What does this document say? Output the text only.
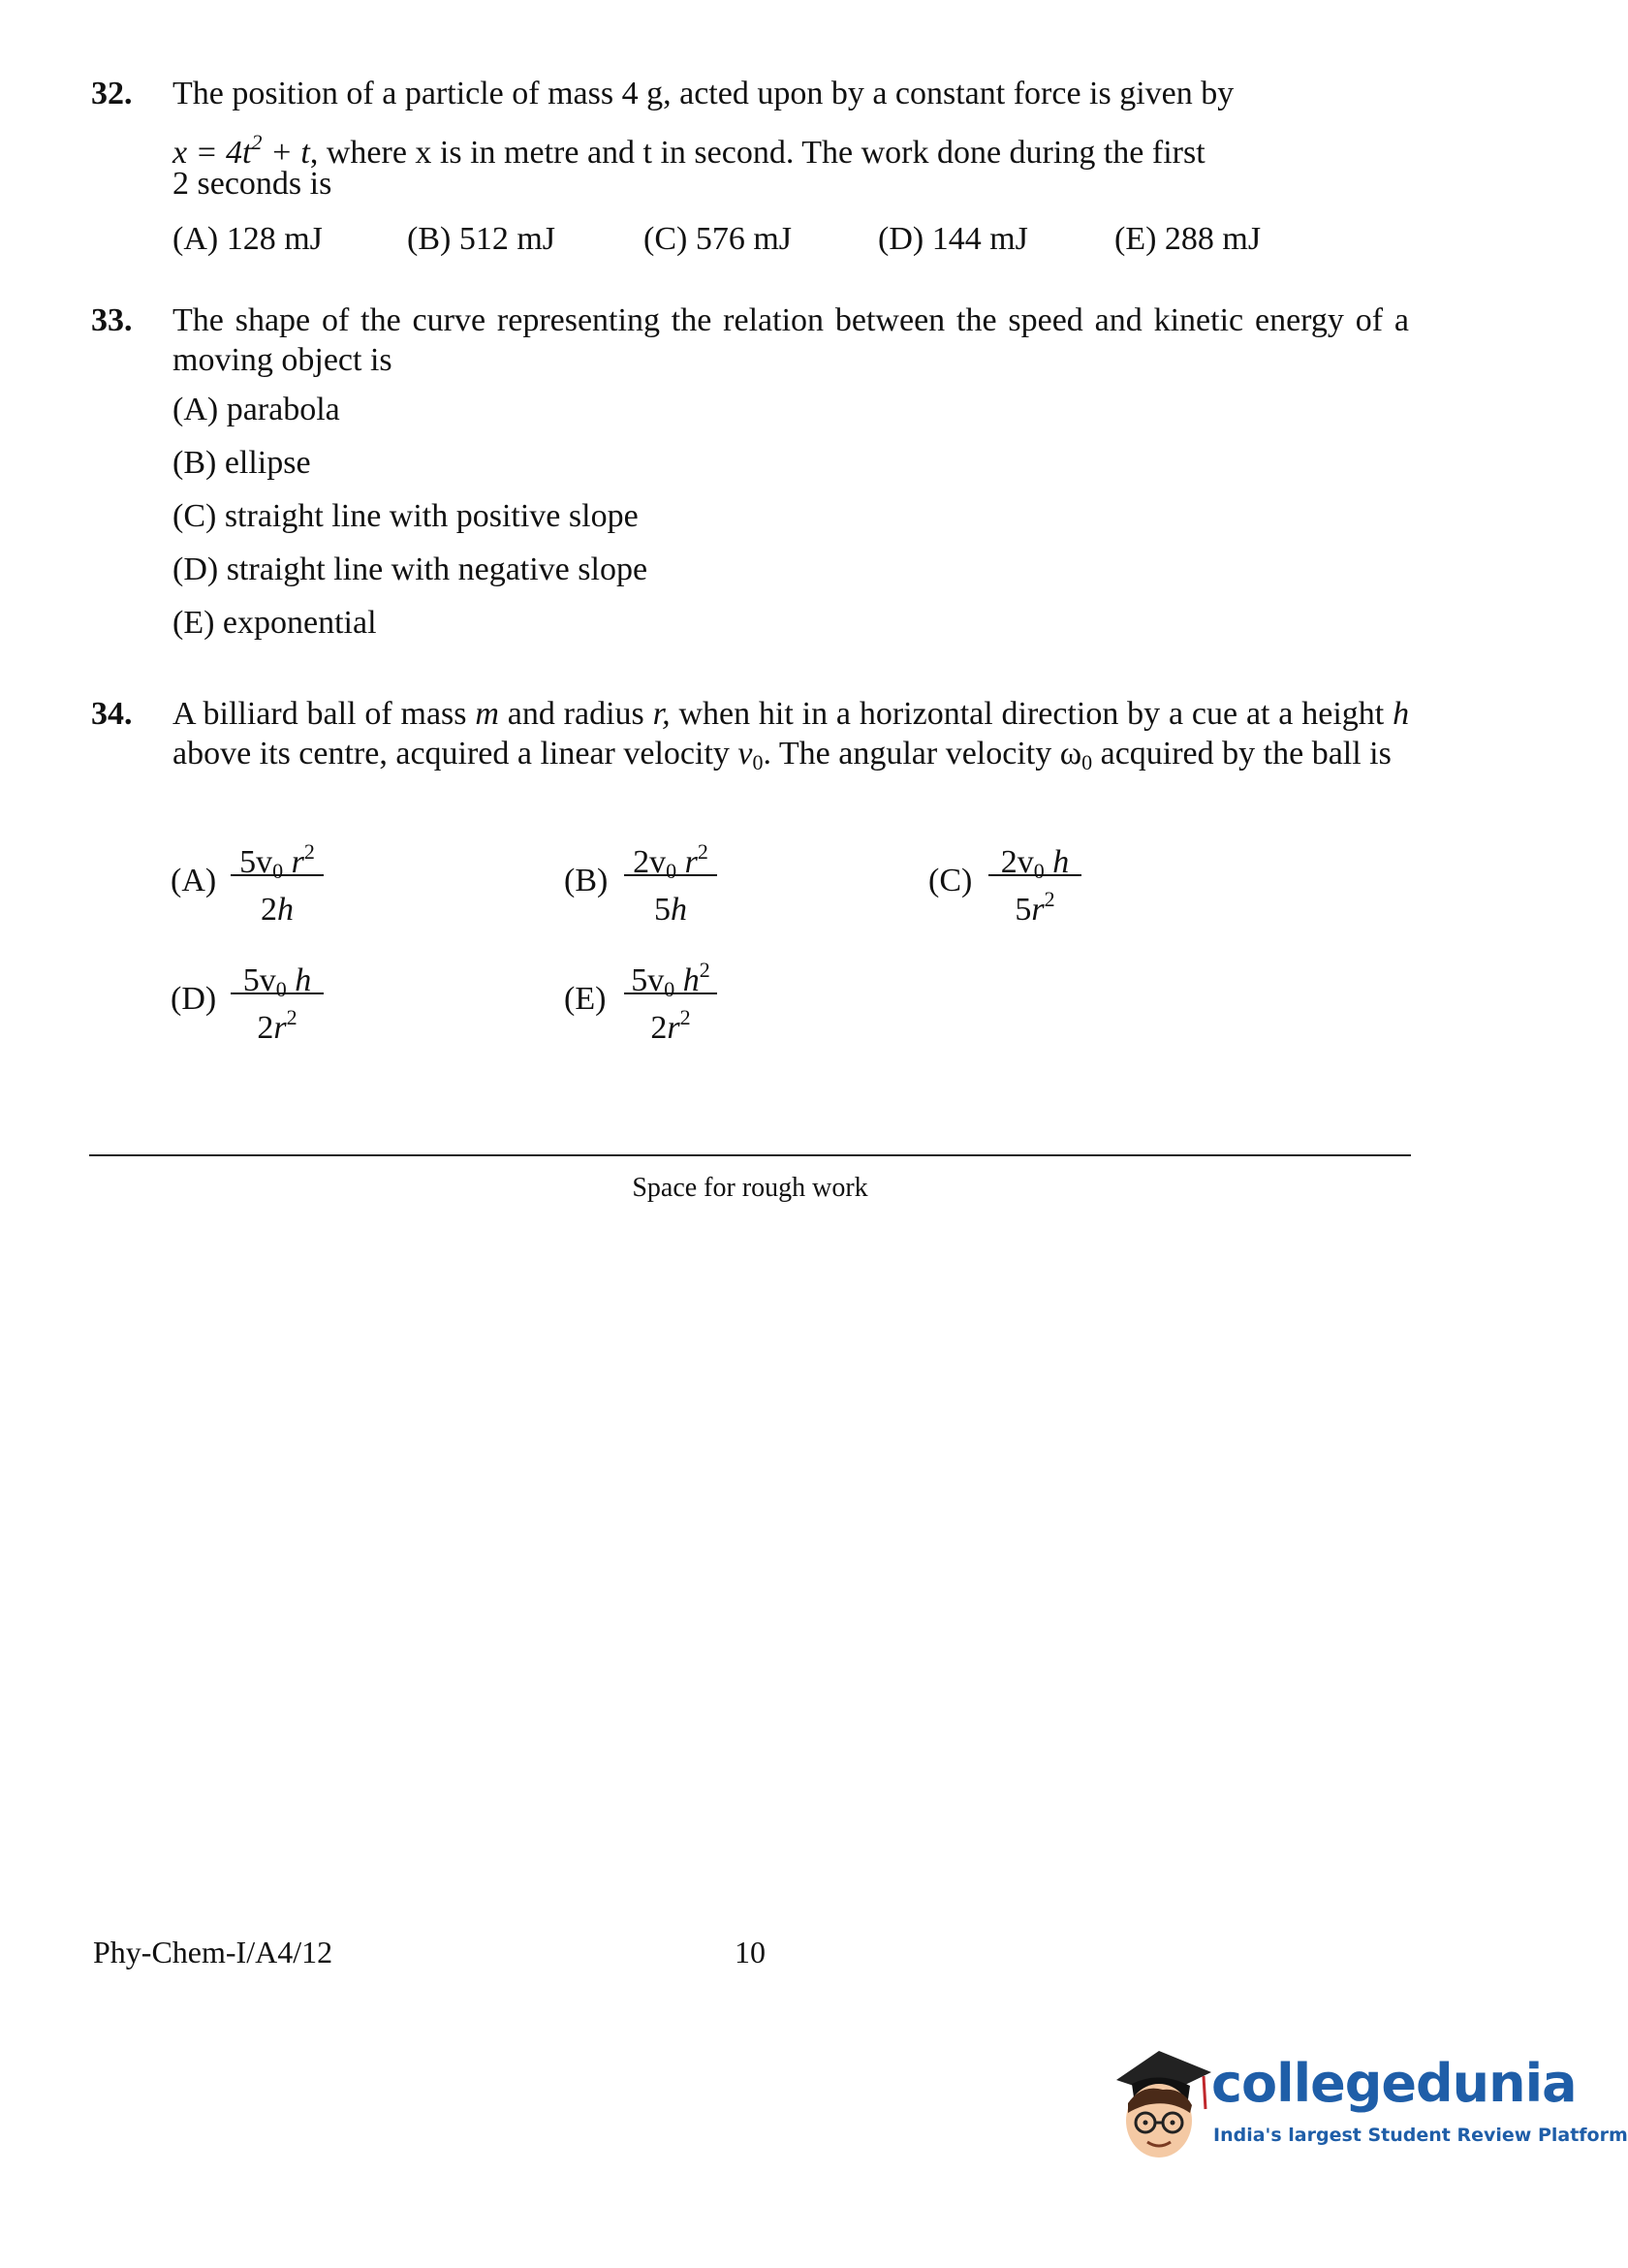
32. The position of a particle of mass 4 g, acted upon by a constant force is given by
$x = 4t^2 + t$, where x is in metre and t in second. The work done during the first
2 seconds is
(A) 128 mJ	(B) 512 mJ	(C) 576 mJ	(D) 144 mJ	(E) 288 mJ
33. The shape of the curve representing the relation between the speed and kinetic energy of a moving object is
(A) parabola
(B) ellipse
(C) straight line with positive slope
(D) straight line with negative slope
(E) exponential
34. A billiard ball of mass m and radius r, when hit in a horizontal direction by a cue at a height h above its centre, acquired a linear velocity $v_0$. The angular velocity $\omega_0$ acquired by the ball is
$(A) \frac{5v_0 r^2}{2h}$	$(B) \frac{2v_0 r^2}{5h}$	$(C) \frac{2v_0 h}{5r^2}$
$(D) \frac{5v_0 h}{2r^2}$	$(E) \frac{5v_0 h^2}{2r^2}$
Space for rough work
Phy-Chem-I/A4/12	10
collegedunia
India's largest Student Review Platform
